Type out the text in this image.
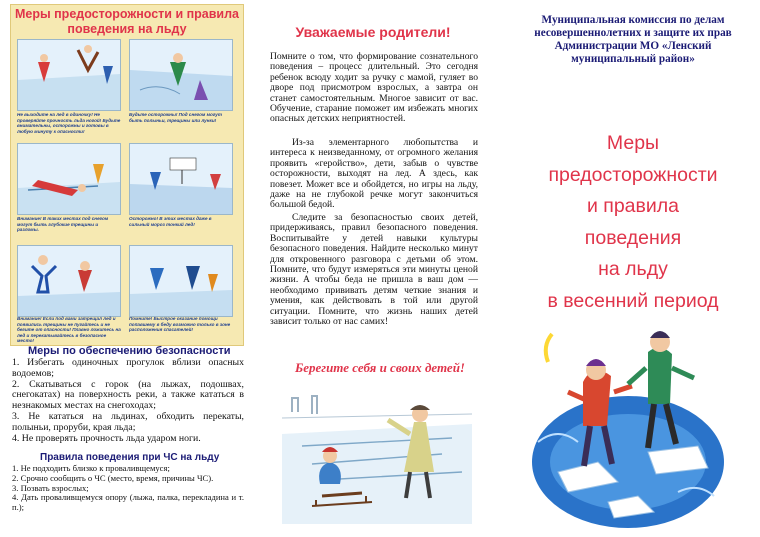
Меры предосторожности и правила поведения на льду
Не выходите на лед в одиночку! Не проверяйте прочность льда ногой! Будьте внимательны, осторожны и готовы в любую минуту к опасности!
Будьте осторожны! Под снегом могут быть полыньи, трещины или лунки!
Внимание! В таких местах под снегом могут быть глубокие трещины и разломы.
Осторожно! В этих местах даже в сильный мороз тонкий лед!
Внимание! Если под вами затрещал лед и появились трещины не пугайтесь и не бегите от опасности! Плавно ложитесь на лед и перекатывайтесь в безопасное место!
Помните! Быстрое оказание помощи попавшему в беду возможно только в зоне расположения спасателей!
Меры по обеспечению безопасности
1. Избегать одиночных прогулок вблизи опасных водоемов;
2. Скатываться с горок (на лыжах, подошвах, снегокатах) на поверхность реки, а также кататься в незнакомых местах на снегоходах;
3. Не кататься на льдинах, обходить перекаты, полыньи, проруби, края льда;
4. Не проверять прочность льда ударом ноги.
Правила поведения при ЧС на льду
1. Не подходить близко к проваливщемуся;
2. Срочно сообщить о ЧС (место, время, причины ЧС).
3. Позвать взрослых;
4. Дать проваливщемуся опору (лыжа, палка, перекладина и т. п.);
Уважаемые родители!

Помните о том, что формирование сознательного поведения – процесс длительный. Это сегодня ребенок всюду ходит за ручку с мамой, гуляет во дворе под присмотром взрослых, а завтра он станет самостоятельным. Многое зависит от вас. Обучение, старание поможет им избежать многих опасных детских неприятностей.

Из-за элементарного любопытства и интереса к неизведанному, от огромного желания проявить «геройство», дети, забыв о чувстве осторожности, выходят на лед. А здесь, как повезет. Может все и обойдется, но игры на льду, даже на не глубокой речке могут закончиться большой бедой.

Следите за безопасностью своих детей, придерживаясь, правил безопасного поведения. Воспитывайте у детей навыки культуры безопасного поведения. Найдите несколько минут для откровенного разговора с детьми об этом. Помните, что будут измеряться эти минуты ценой жизни. А чтобы беда не пришла в ваш дом — необходимо прививать детям четкие знания и умения, как действовать в той или другой ситуации. Помните, что жизнь наших детей зависит только от нас самих!

Берегите себя и своих детей!
Муниципальная комиссия по делам несовершеннолетних и защите их прав Администрации МО «Ленский муниципальный район»
Меры
предосторожности
и правила
поведения
на льду
в весенний период
